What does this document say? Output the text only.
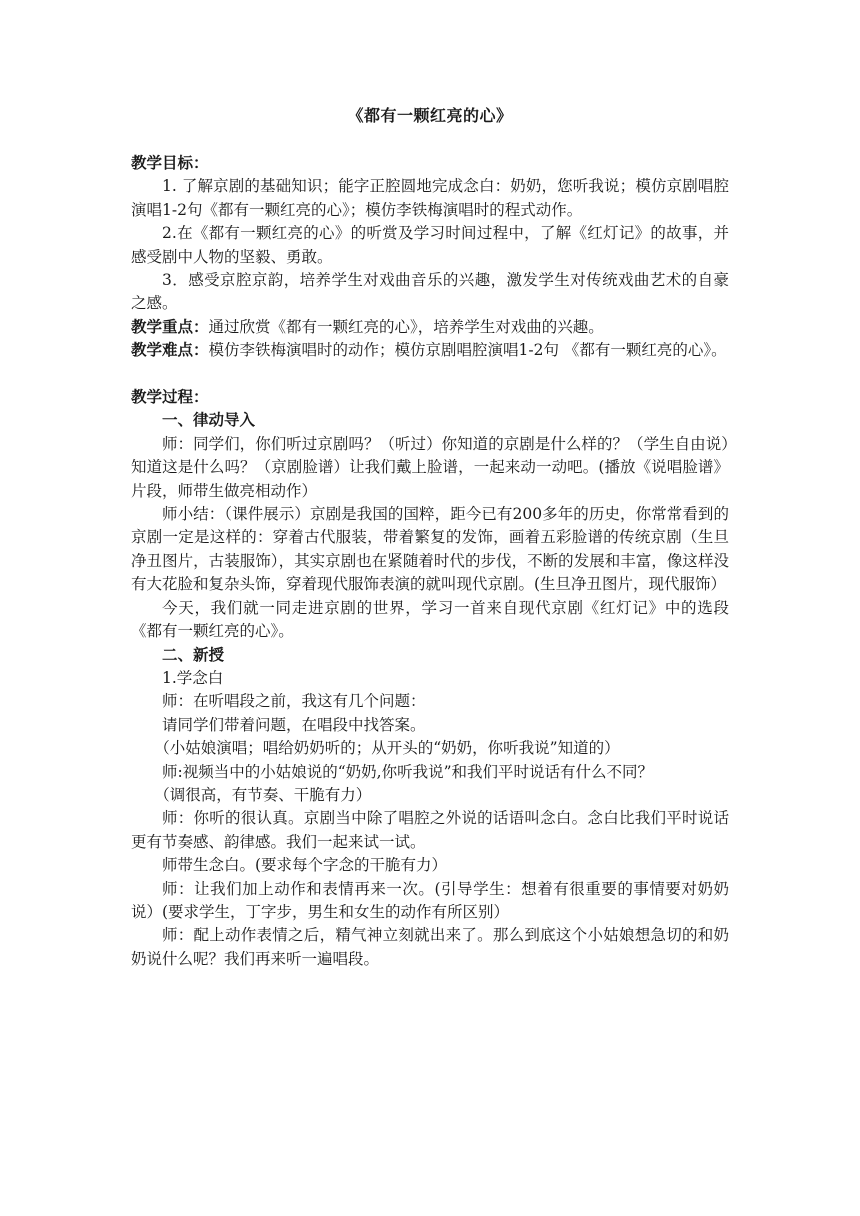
《都有一颗红亮的心》

教学目标：

1. 了解京剧的基础知识；能字正腔圆地完成念白：奶奶，您听我说；模仿京剧唱腔演唱1-2句《都有一颗红亮的心》；模仿李铁梅演唱时的程式动作。

2.在《都有一颗红亮的心》的听赏及学习时间过程中，了解《红灯记》的故事，并感受剧中人物的坚毅、勇敢。

3．感受京腔京韵，培养学生对戏曲音乐的兴趣，激发学生对传统戏曲艺术的自豪之感。

教学重点：通过欣赏《都有一颗红亮的心》，培养学生对戏曲的兴趣。

教学难点：模仿李铁梅演唱时的动作；模仿京剧唱腔演唱1-2句 《都有一颗红亮的心》。

教学过程：

一、律动导入

师：同学们，你们听过京剧吗？（听过）你知道的京剧是什么样的？（学生自由说）知道这是什么吗？（京剧脸谱）让我们戴上脸谱，一起来动一动吧。(播放《说唱脸谱》片段，师带生做亮相动作）

师小结：（课件展示）京剧是我国的国粹，距今已有200多年的历史，你常常看到的京剧一定是这样的：穿着古代服装，带着繁复的发饰，画着五彩脸谱的传统京剧（生旦净丑图片，古装服饰），其实京剧也在紧随着时代的步伐，不断的发展和丰富，像这样没有大花脸和复杂头饰，穿着现代服饰表演的就叫现代京剧。(生旦净丑图片，现代服饰）

今天，我们就一同走进京剧的世界，学习一首来自现代京剧《红灯记》中的选段《都有一颗红亮的心》。

二、新授

1.学念白

师：在听唱段之前，我这有几个问题：

请同学们带着问题，在唱段中找答案。

（小姑娘演唱；唱给奶奶听的；从开头的“奶奶，你听我说”知道的）

师:视频当中的小姑娘说的“奶奶,你听我说”和我们平时说话有什么不同？

（调很高，有节奏、干脆有力）

师：你听的很认真。京剧当中除了唱腔之外说的话语叫念白。念白比我们平时说话更有节奏感、韵律感。我们一起来试一试。

师带生念白。(要求每个字念的干脆有力）

师：让我们加上动作和表情再来一次。(引导学生：想着有很重要的事情要对奶奶说）(要求学生，丁字步，男生和女生的动作有所区别）

师：配上动作表情之后，精气神立刻就出来了。那么到底这个小姑娘想急切的和奶奶说什么呢？我们再来听一遍唱段。
